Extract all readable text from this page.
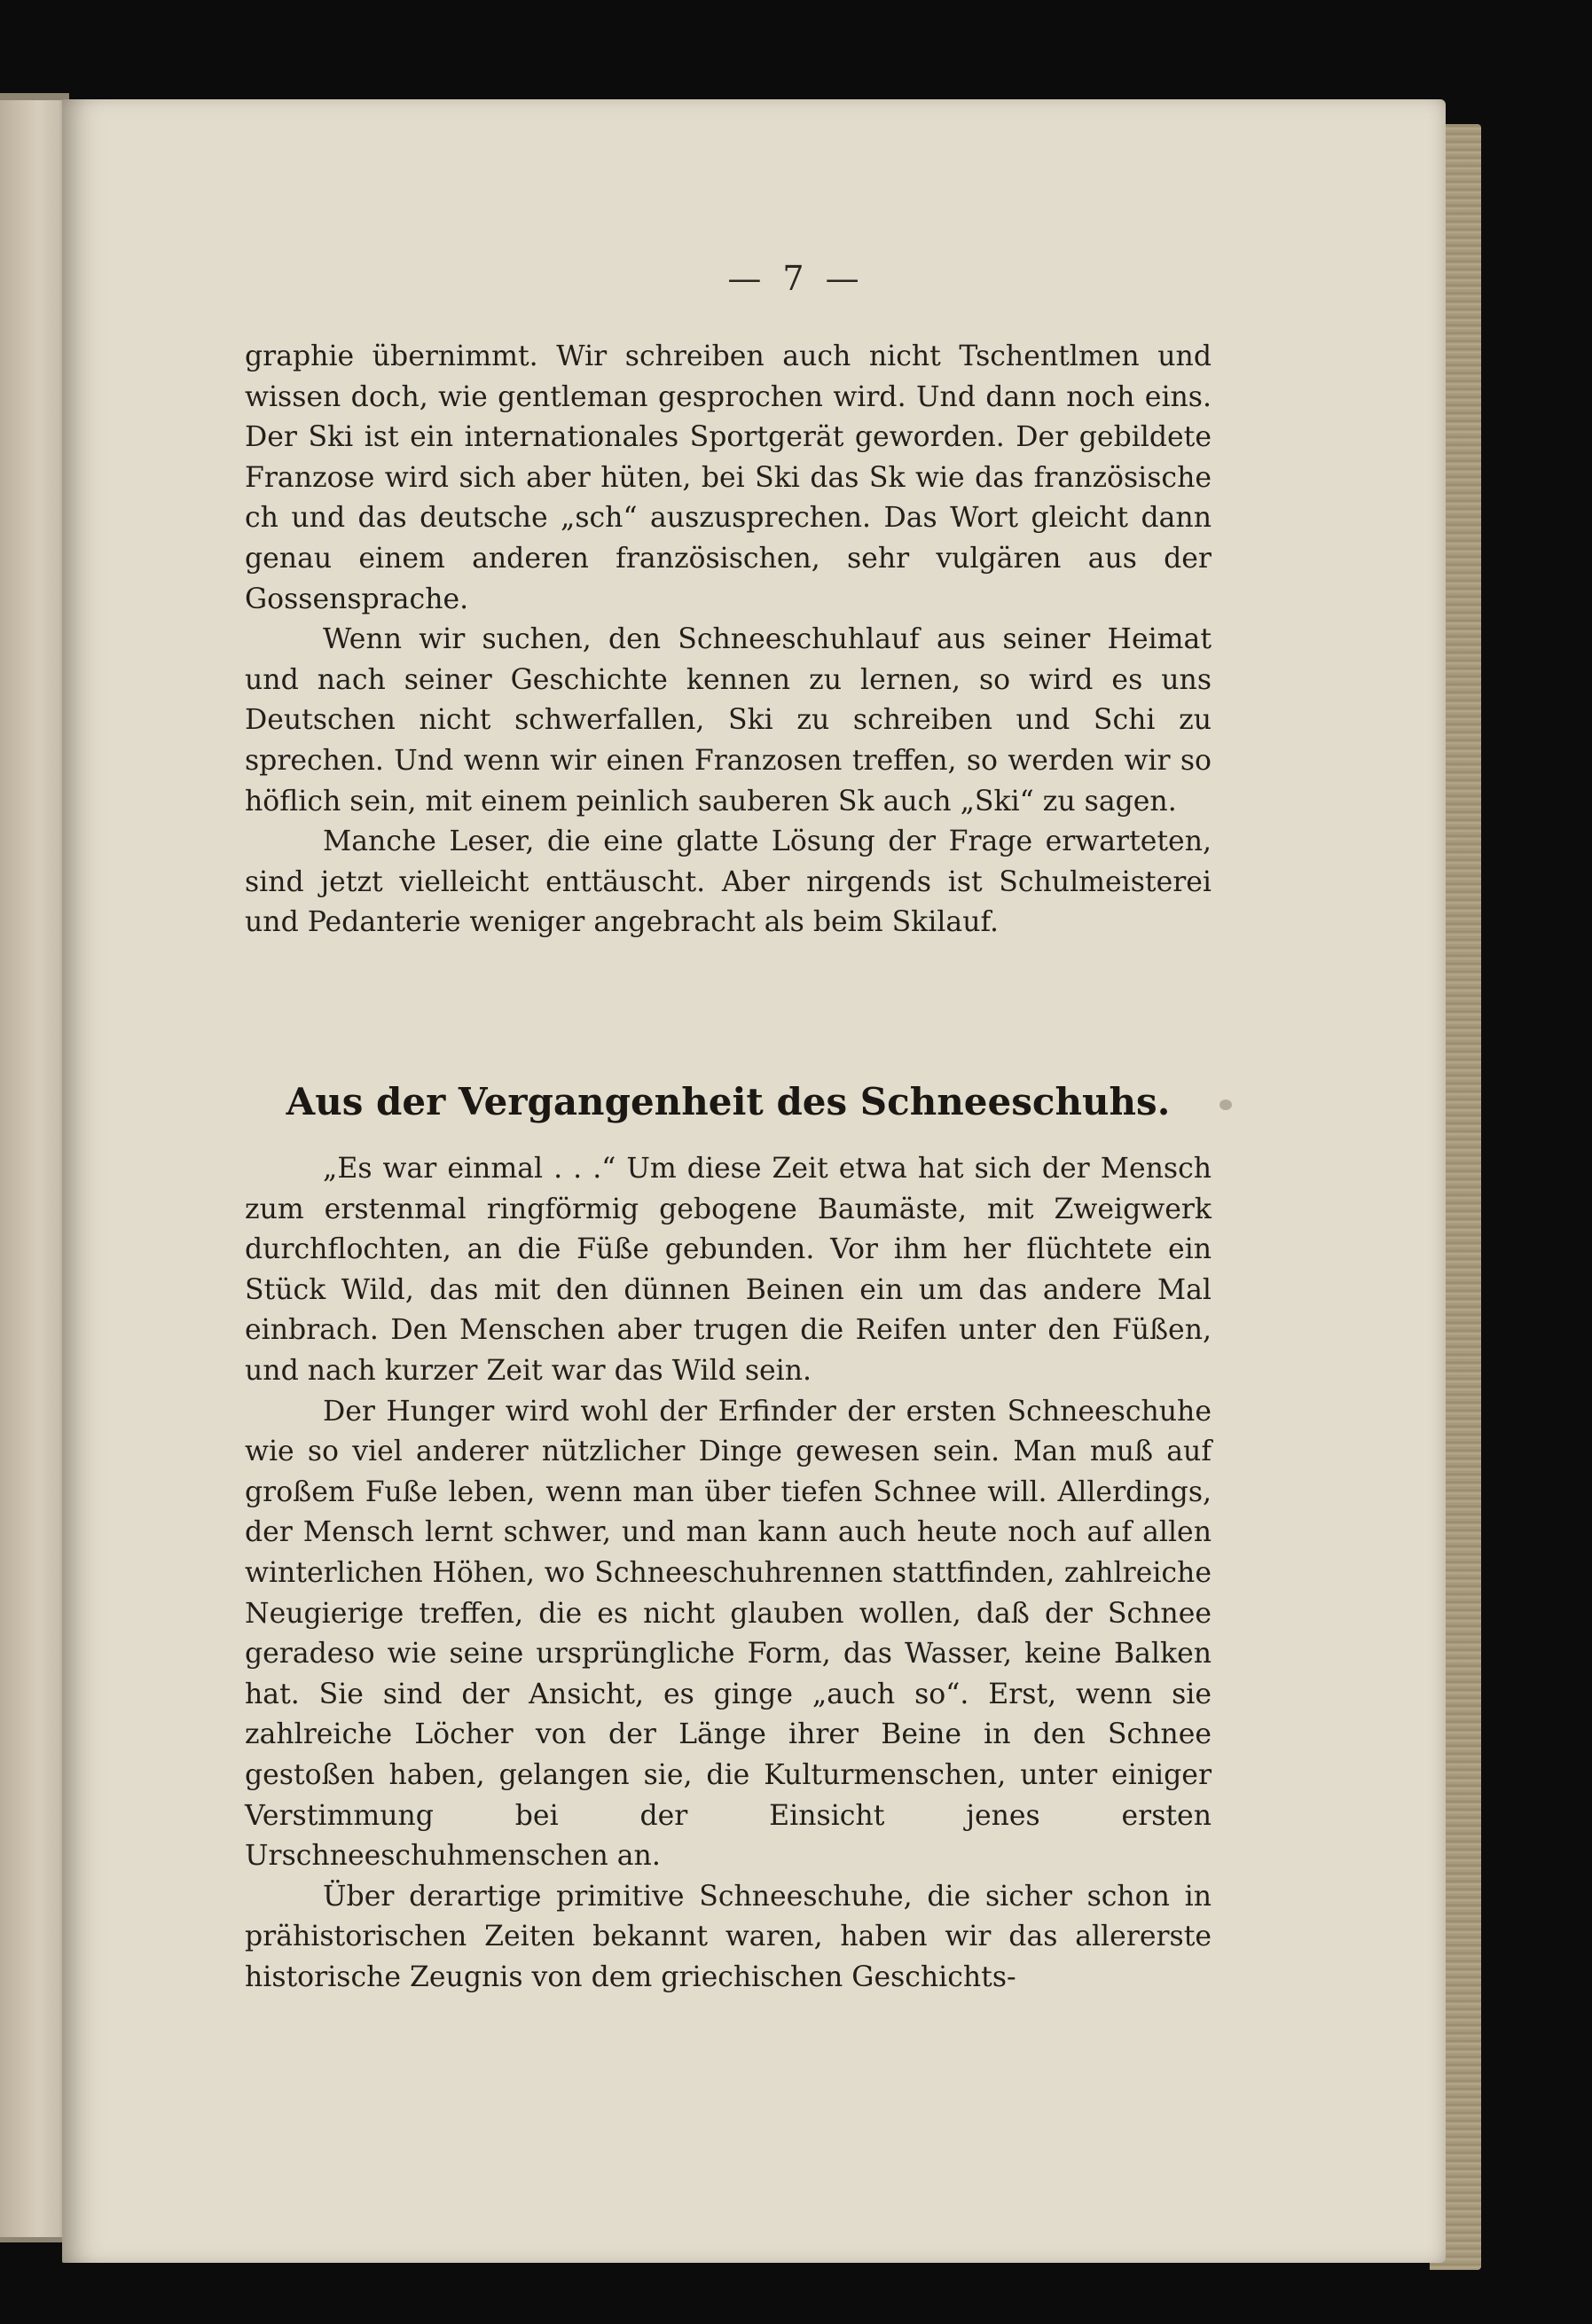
— 7 —

graphie übernimmt. Wir schreiben auch nicht Tschentlmen und wissen doch, wie gentleman gesprochen wird. Und dann noch eins. Der Ski ist ein internationales Sportgerät geworden. Der gebildete Franzose wird sich aber hüten, bei Ski das Sk wie das französische ch und das deutsche „sch“ auszusprechen. Das Wort gleicht dann genau einem anderen französischen, sehr vulgären aus der Gossensprache.

Wenn wir suchen, den Schneeschuhlauf aus seiner Heimat und nach seiner Geschichte kennen zu lernen, so wird es uns Deutschen nicht schwerfallen, Ski zu schreiben und Schi zu sprechen. Und wenn wir einen Franzosen treffen, so werden wir so höflich sein, mit einem peinlich sauberen Sk auch „Ski“ zu sagen.

Manche Leser, die eine glatte Lösung der Frage erwarteten, sind jetzt vielleicht enttäuscht. Aber nirgends ist Schulmeisterei und Pedanterie weniger angebracht als beim Skilauf.

Aus der Vergangenheit des Schneeschuhs.

„Es war einmal . . .“ Um diese Zeit etwa hat sich der Mensch zum erstenmal ringförmig gebogene Baumäste, mit Zweigwerk durchflochten, an die Füße gebunden. Vor ihm her flüchtete ein Stück Wild, das mit den dünnen Beinen ein um das andere Mal einbrach. Den Menschen aber trugen die Reifen unter den Füßen, und nach kurzer Zeit war das Wild sein.

Der Hunger wird wohl der Erfinder der ersten Schneeschuhe wie so viel anderer nützlicher Dinge gewesen sein. Man muß auf großem Fuße leben, wenn man über tiefen Schnee will. Allerdings, der Mensch lernt schwer, und man kann auch heute noch auf allen winterlichen Höhen, wo Schneeschuhrennen stattfinden, zahlreiche Neugierige treffen, die es nicht glauben wollen, daß der Schnee geradeso wie seine ursprüngliche Form, das Wasser, keine Balken hat. Sie sind der Ansicht, es ginge „auch so“. Erst, wenn sie zahlreiche Löcher von der Länge ihrer Beine in den Schnee gestoßen haben, gelangen sie, die Kulturmenschen, unter einiger Verstimmung bei der Einsicht jenes ersten Urschneeschuhmenschen an.

Über derartige primitive Schneeschuhe, die sicher schon in prähistorischen Zeiten bekannt waren, haben wir das allererste historische Zeugnis von dem griechischen Geschichts-
